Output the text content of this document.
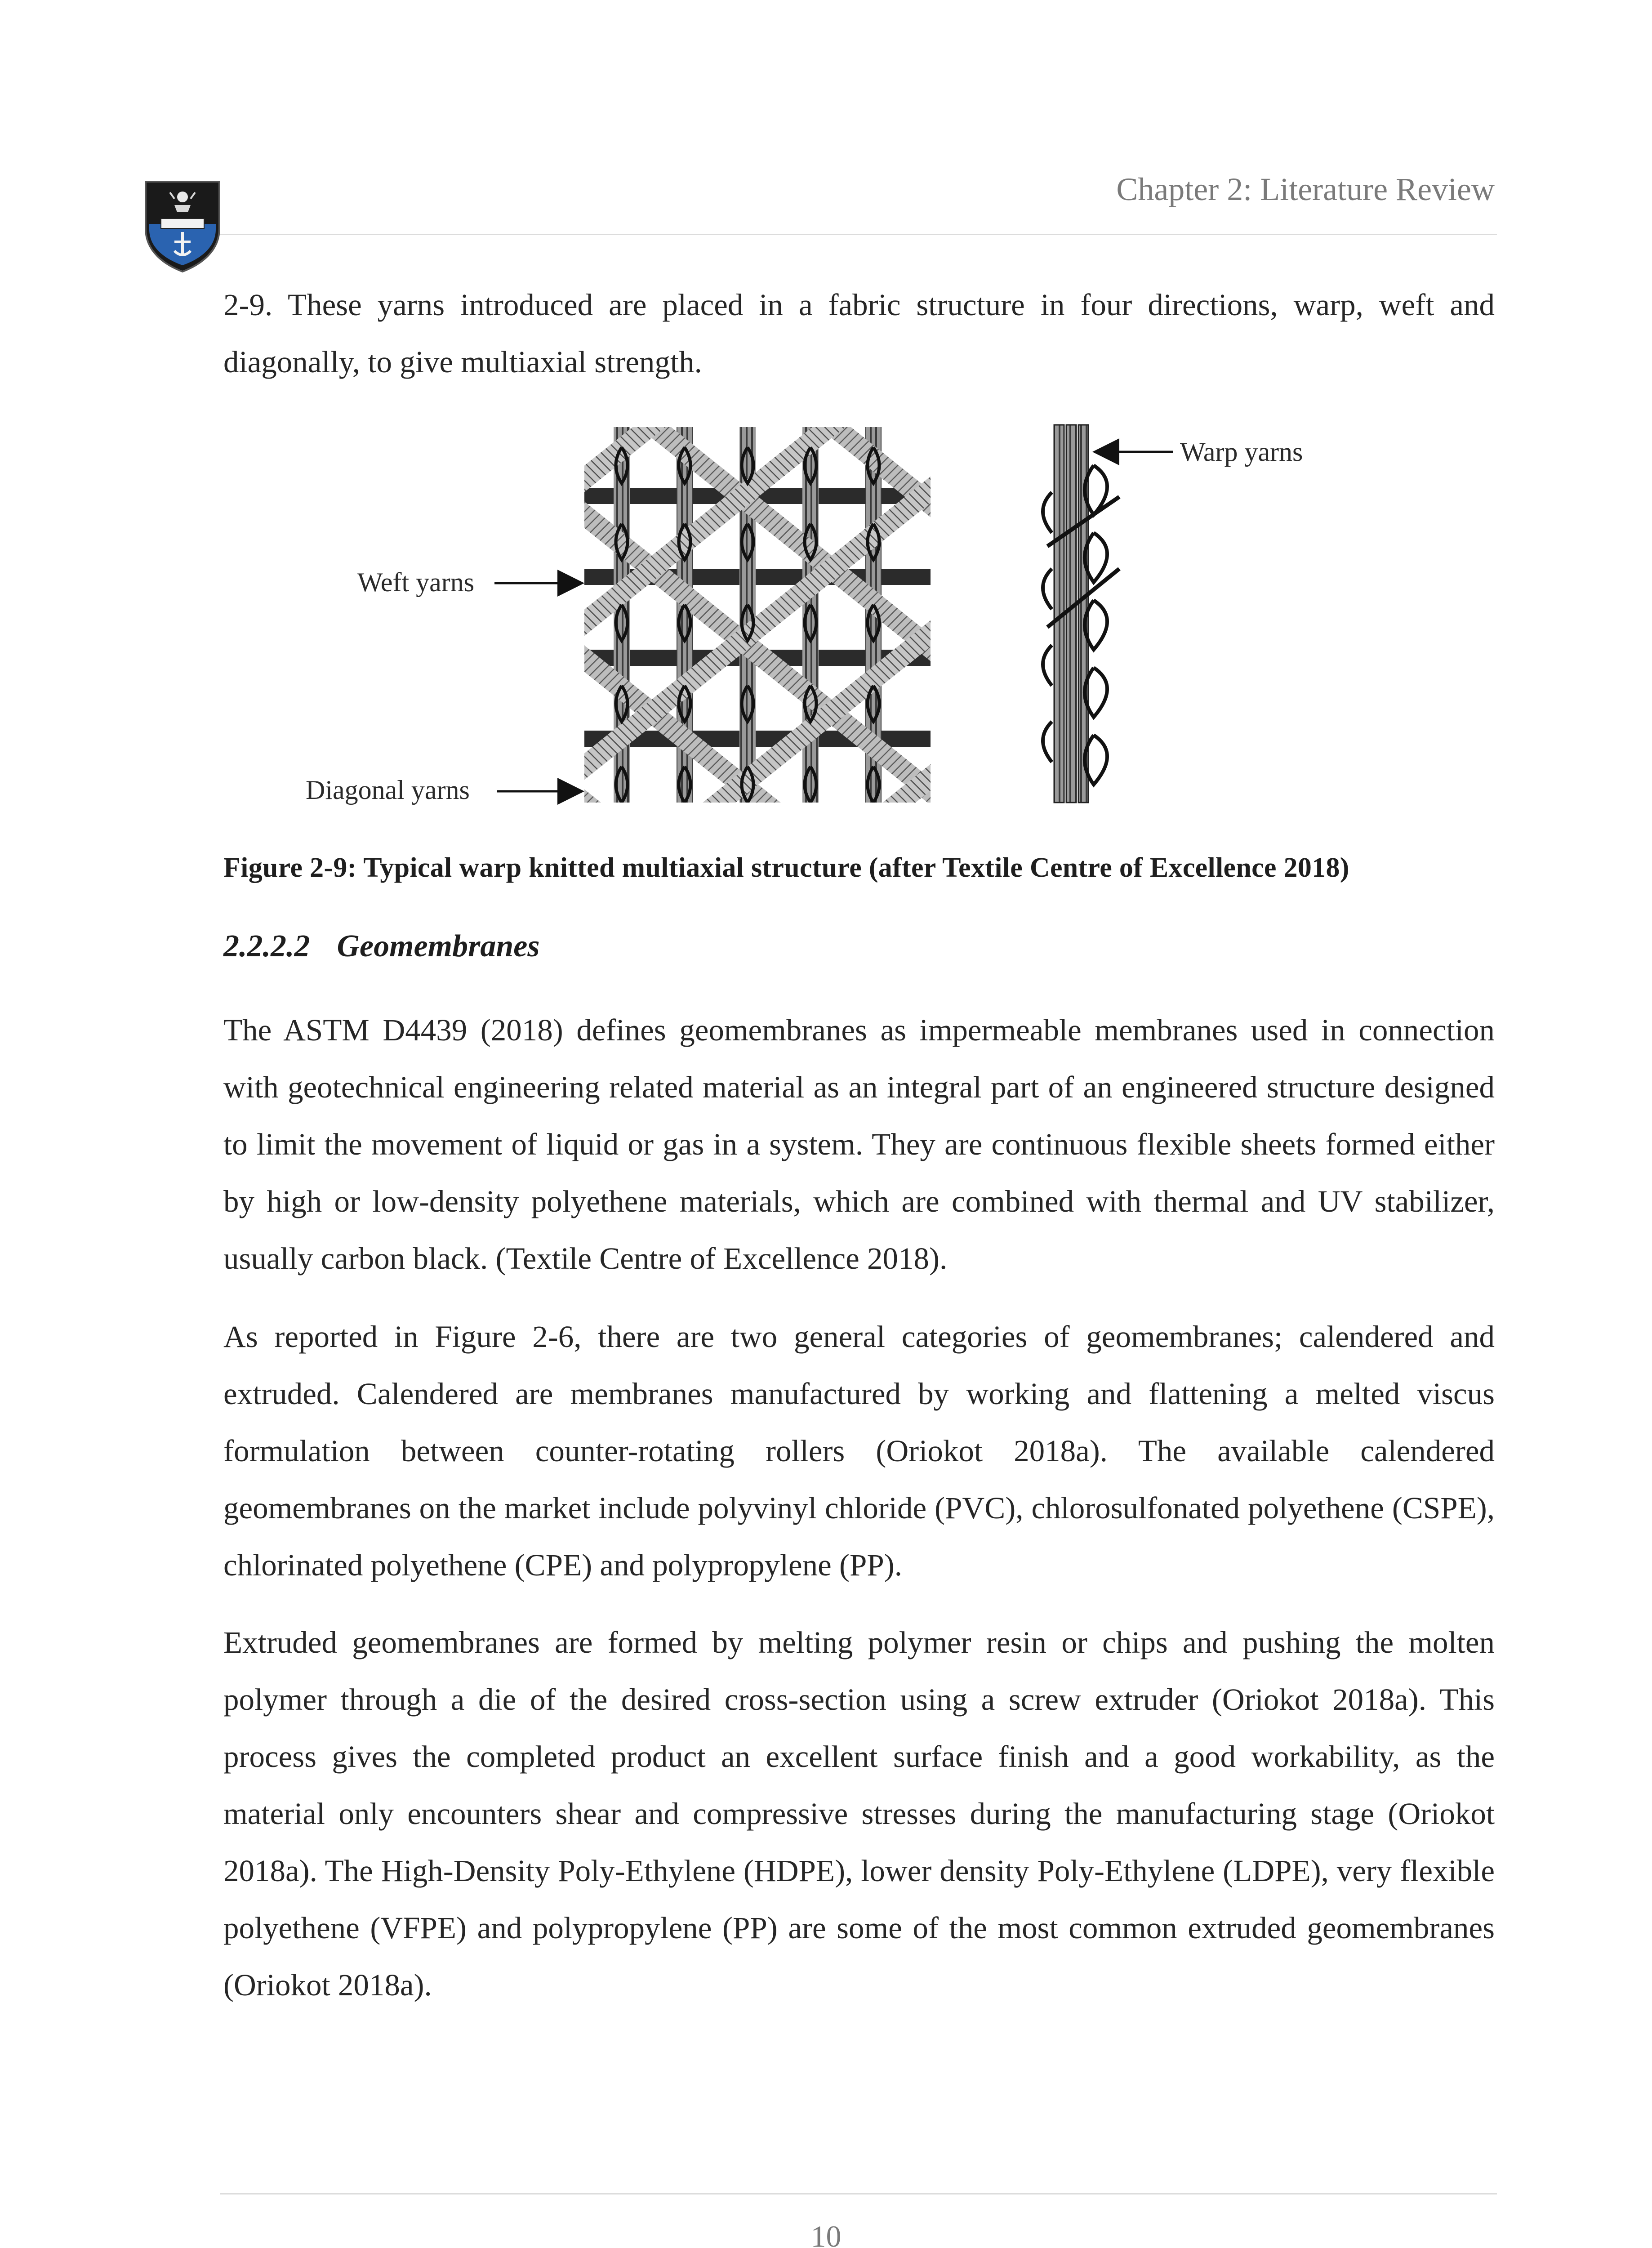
Chapter 2: Literature Review
2-9. These yarns introduced are placed in a fabric structure in four directions, warp, weft and diagonally, to give multiaxial strength.
Warp yarns
Weft yarns
Diagonal yarns
Figure 2-9: Typical warp knitted multiaxial structure (after Textile Centre of Excellence 2018)
2.2.2.2 Geomembranes
The ASTM D4439 (2018) defines geomembranes as impermeable membranes used in connection with geotechnical engineering related material as an integral part of an engineered structure designed to limit the movement of liquid or gas in a system. They are continuous flexible sheets formed either by high or low-density polyethene materials, which are combined with thermal and UV stabilizer, usually carbon black. (Textile Centre of Excellence 2018).
As reported in Figure 2-6, there are two general categories of geomembranes; calendered and extruded. Calendered are membranes manufactured by working and flattening a melted viscus formulation between counter-rotating rollers (Oriokot 2018a). The available calendered geomembranes on the market include polyvinyl chloride (PVC), chlorosulfonated polyethene (CSPE), chlorinated polyethene (CPE) and polypropylene (PP).
Extruded geomembranes are formed by melting polymer resin or chips and pushing the molten polymer through a die of the desired cross-section using a screw extruder (Oriokot 2018a). This process gives the completed product an excellent surface finish and a good workability, as the material only encounters shear and compressive stresses during the manufacturing stage (Oriokot 2018a). The High-Density Poly-Ethylene (HDPE), lower density Poly-Ethylene (LDPE), very flexible polyethene (VFPE) and polypropylene (PP) are some of the most common extruded geomembranes (Oriokot 2018a).
10
